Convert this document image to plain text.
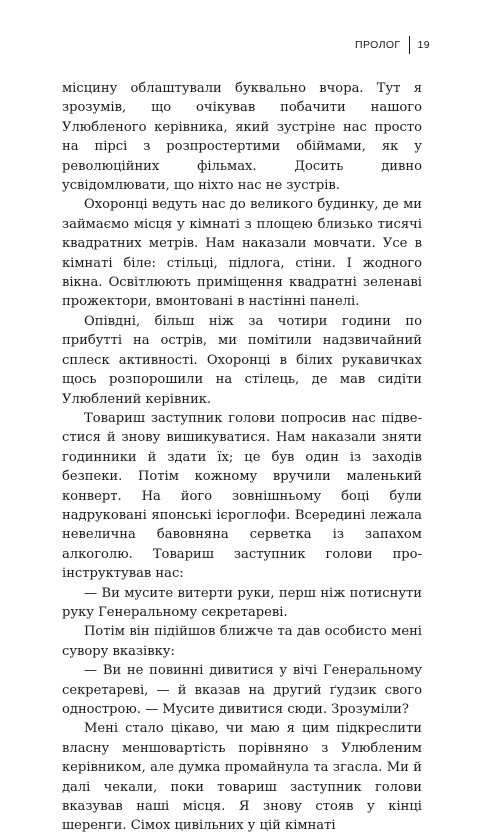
ПРОЛОГ 19

місцину облаштували буквально вчора. Тут я зрозумів, що очікував побачити нашого Улюбленого керівника, який зустріне нас просто на пірсі з розпростертими обіймами, як у революційних фільмах. Досить дивно усвідомлювати, що ніхто нас не зустрів.

Охоронці ведуть нас до великого будинку, де ми займаємо місця у кімнаті з площею близько тисячі квадратних метрів. Нам наказали мовчати. Усе в кімнаті біле: стільці, підлога, стіни. І жодного вікна. Освітлюють приміщення квадратні зеленаві прожектори, вмонтовані в настінні панелі.

Опівдні, більш ніж за чотири години по прибутті на острів, ми помітили надзвичайний сплеск активності. Охоронці в білих рукавичках щось розпорошили на стілець, де мав сидіти Улюблений керівник.

Товариш заступник голови попросив нас підвестися й знову вишикуватися. Нам наказали зняти годинники й здати їх; це був один із заходів безпеки. Потім кожному вручили маленький конверт. На його зовнішньому боці були надруковані японські ієроглофи. Всередині лежала невелична бавовняна серветка із запахом алкоголю. Товариш заступник голови проінструктував нас:

— Ви мусите витерти руки, перш ніж потиснути руку Генеральному секретареві.

Потім він підійшов ближче та дав особисто мені сувору вказівку:

— Ви не повинні дивитися у вічі Генеральному секретареві, — й вказав на другий ґудзик свого однострою. — Мусите дивитися сюди. Зрозуміли?

Мені стало цікаво, чи маю я цим підкреслити власну меншовартість порівняно з Улюбленим керівником, але думка промайнула та згасла. Ми й далі чекали, поки товариш заступник голови вказував наші місця. Я знову стояв у кінці шеренги. Сімох цивільних у цій кімнаті
